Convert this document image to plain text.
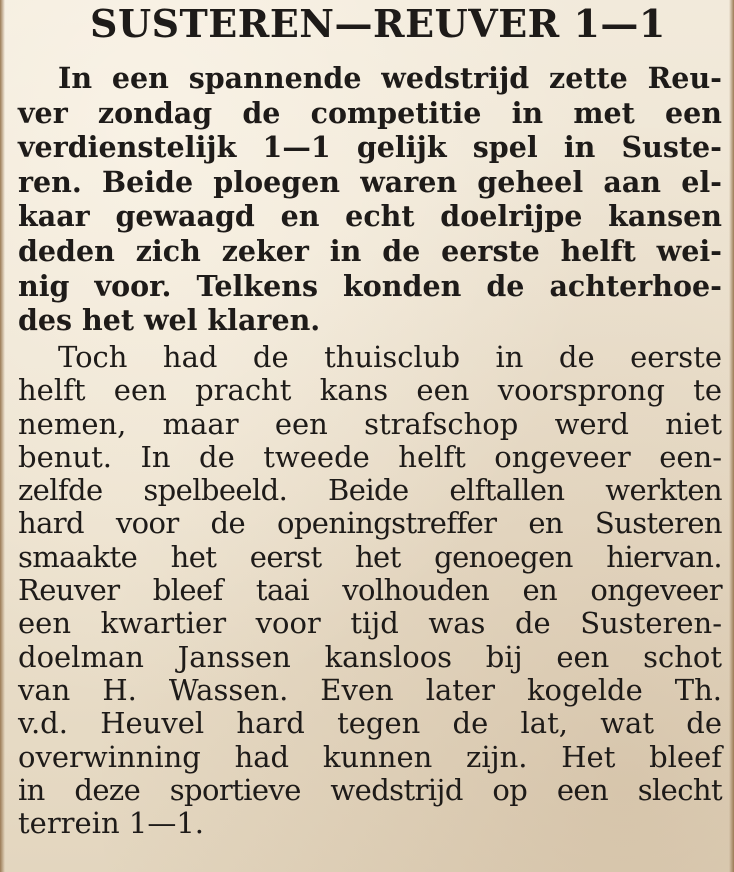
SUSTEREN—REUVER 1—1
In een spannende wedstrijd zette Reu-
ver zondag de competitie in met een
verdienstelijk 1—1 gelijk spel in Suste-
ren. Beide ploegen waren geheel aan el-
kaar gewaagd en echt doelrijpe kansen
deden zich zeker in de eerste helft wei-
nig voor. Telkens konden de achterhoe-
des het wel klaren.
Toch had de thuisclub in de eerste
helft een pracht kans een voorsprong te
nemen, maar een strafschop werd niet
benut. In de tweede helft ongeveer een-
zelfde spelbeeld. Beide elftallen werkten
hard voor de openingstreffer en Susteren
smaakte het eerst het genoegen hiervan.
Reuver bleef taai volhouden en ongeveer
een kwartier voor tijd was de Susteren-
doelman Janssen kansloos bij een schot
van H. Wassen. Even later kogelde Th.
v.d. Heuvel hard tegen de lat, wat de
overwinning had kunnen zijn. Het bleef
in deze sportieve wedstrijd op een slecht
terrein 1—1.
